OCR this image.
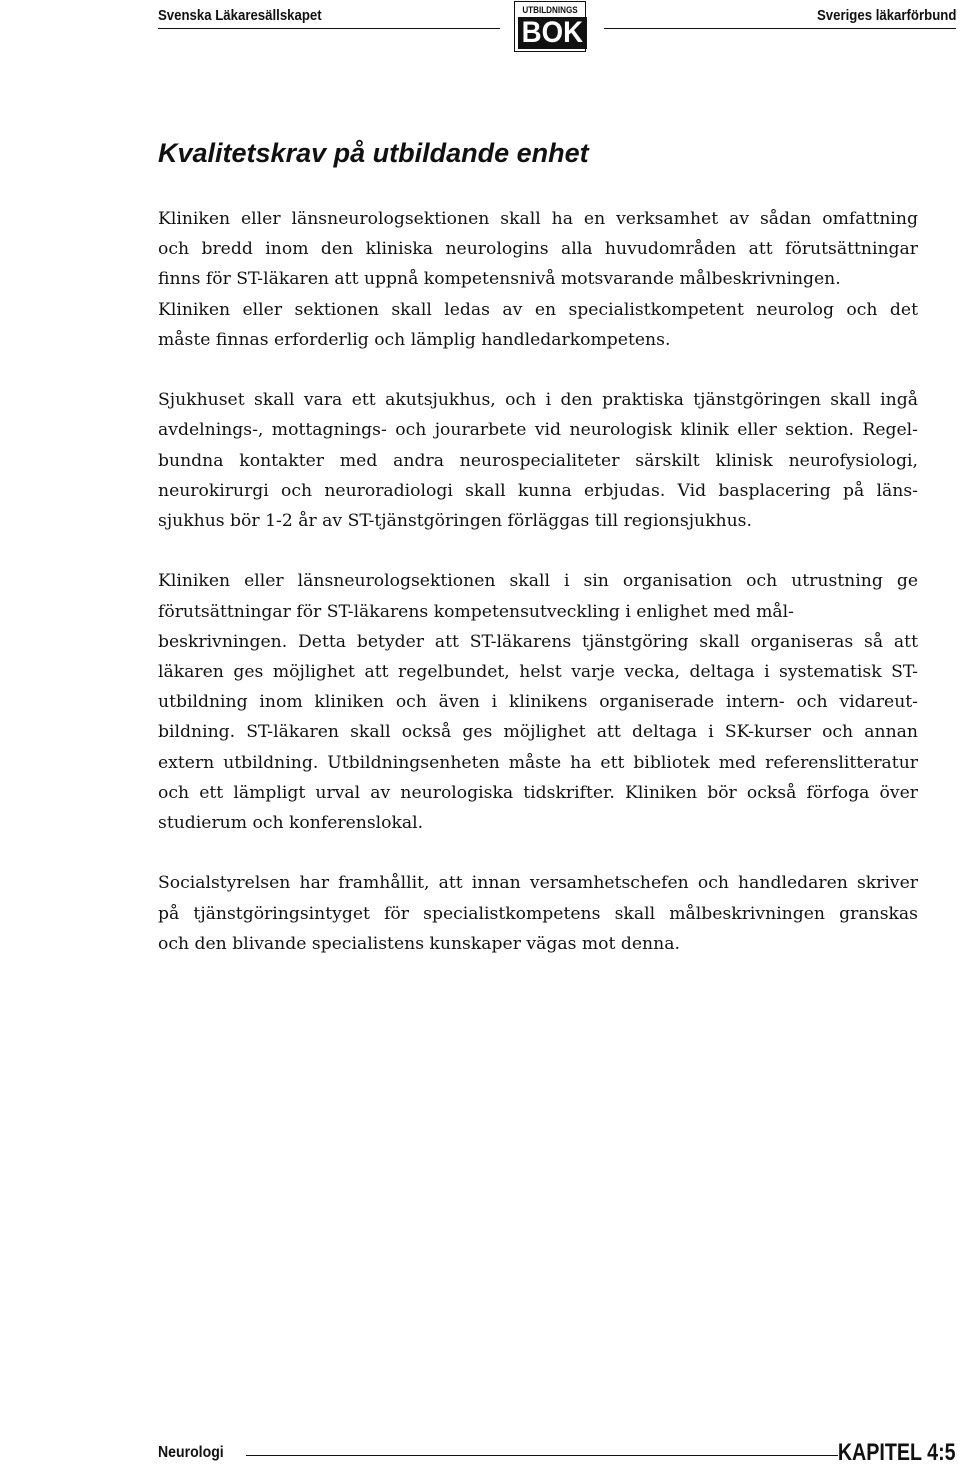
Svenska Läkaresällskapet	UTBILDNINGS
BOK
Sveriges läkarförbund
Kvalitetskrav på utbildande enhet

Kliniken eller länsneurologsektionen skall ha en verksamhet av sådan omfattning
och bredd inom den kliniska neurologins alla huvudområden att förutsättningar
finns för ST-läkaren att uppnå kompetensnivå motsvarande målbeskrivningen.
Kliniken eller sektionen skall ledas av en specialistkompetent neurolog och det
måste finnas erforderlig och lämplig handledarkompetens.

Sjukhuset skall vara ett akutsjukhus, och i den praktiska tjänstgöringen skall ingå
avdelnings-, mottagnings- och jourarbete vid neurologisk klinik eller sektion. Regel-
bundna kontakter med andra neurospecialiteter särskilt klinisk neurofysiologi,
neurokirurgi och neuroradiologi skall kunna erbjudas. Vid basplacering på läns-
sjukhus bör 1-2 år av ST-tjänstgöringen förläggas till regionsjukhus.

Kliniken eller länsneurologsektionen skall i sin organisation och utrustning ge
förutsättningar för ST-läkarens kompetensutveckling i enlighet med mål-
beskrivningen. Detta betyder att ST-läkarens tjänstgöring skall organiseras så att
läkaren ges möjlighet att regelbundet, helst varje vecka, deltaga i systematisk ST-
utbildning inom kliniken och även i klinikens organiserade intern- och vidareut-
bildning. ST-läkaren skall också ges möjlighet att deltaga i SK-kurser och annan
extern utbildning. Utbildningsenheten måste ha ett bibliotek med referenslitteratur
och ett lämpligt urval av neurologiska tidskrifter. Kliniken bör också förfoga över
studierum och konferenslokal.

Socialstyrelsen har framhållit, att innan versamhetschefen och handledaren skriver
på tjänstgöringsintyget för specialistkompetens skall målbeskrivningen granskas
och den blivande specialistens kunskaper vägas mot denna.

Neurologi	KAPITEL 4:5
